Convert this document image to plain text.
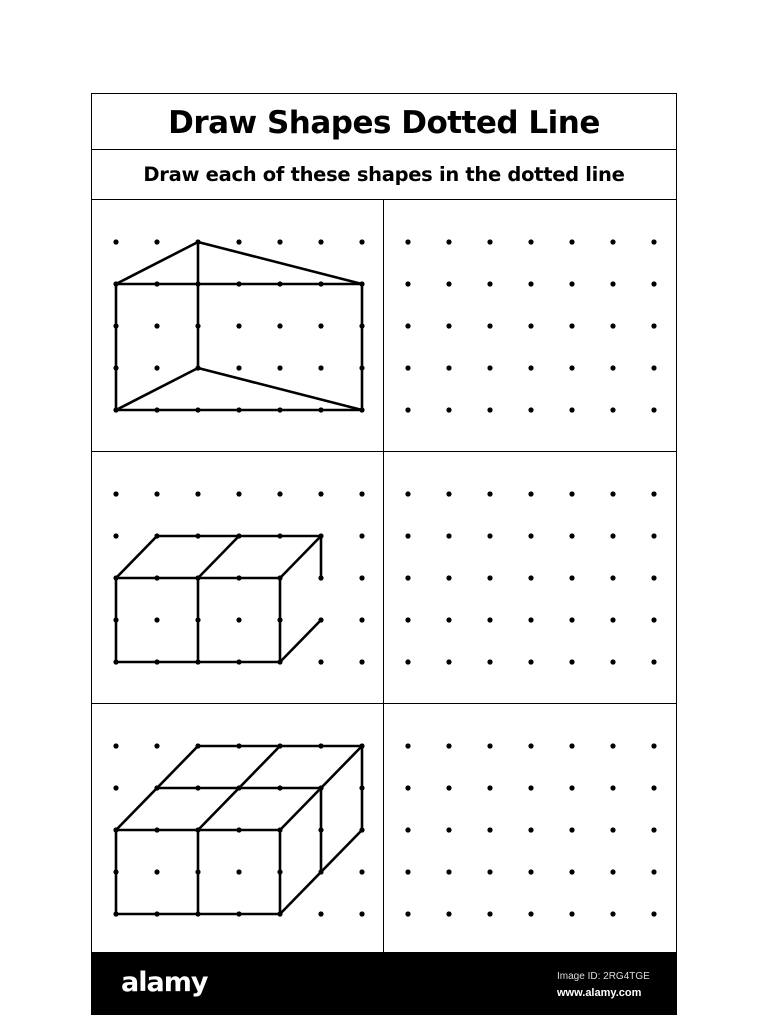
Draw Shapes Dotted Line
Draw each of these shapes in the dotted line
alamy	Image ID: 2RG4TGE
www.alamy.com
